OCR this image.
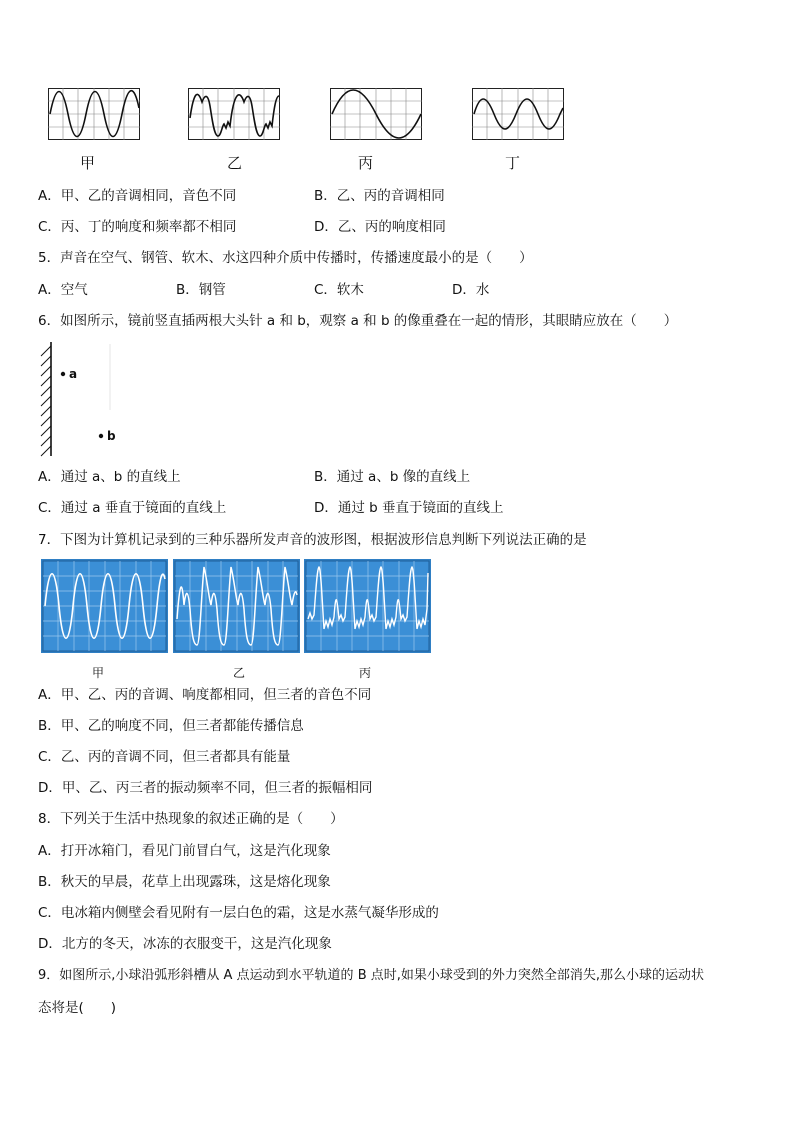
甲	乙	丙	丁
A．甲、乙的音调相同，音色不同	B．乙、丙的音调相同
C．丙、丁的响度和频率都不相同	D．乙、丙的响度相同
5．声音在空气、钢管、软木、水这四种介质中传播时，传播速度最小的是（　　）
A．空气	B．钢管	C．软木	D．水
6．如图所示，镜前竖直插两根大头针 a 和 b，观察 a 和 b 的像重叠在一起的情形，其眼睛应放在（　　）
a
b
A．通过 a、b 的直线上	B．通过 a、b 像的直线上
C．通过 a 垂直于镜面的直线上	D．通过 b 垂直于镜面的直线上
7．下图为计算机记录到的三种乐器所发声音的波形图，根据波形信息判断下列说法正确的是
甲	乙	丙
A．甲、乙、丙的音调、响度都相同，但三者的音色不同
B．甲、乙的响度不同，但三者都能传播信息
C．乙、丙的音调不同，但三者都具有能量
D．甲、乙、丙三者的振动频率不同，但三者的振幅相同
8．下列关于生活中热现象的叙述正确的是（　　）
A．打开冰箱门，看见门前冒白气，这是汽化现象
B．秋天的早晨，花草上出现露珠，这是熔化现象
C．电冰箱内侧壁会看见附有一层白色的霜，这是水蒸气凝华形成的
D．北方的冬天，冰冻的衣服变干，这是汽化现象
9．如图所示,小球沿弧形斜槽从 A 点运动到水平轨道的 B 点时,如果小球受到的外力突然全部消失,那么小球的运动状
态将是(　　)
